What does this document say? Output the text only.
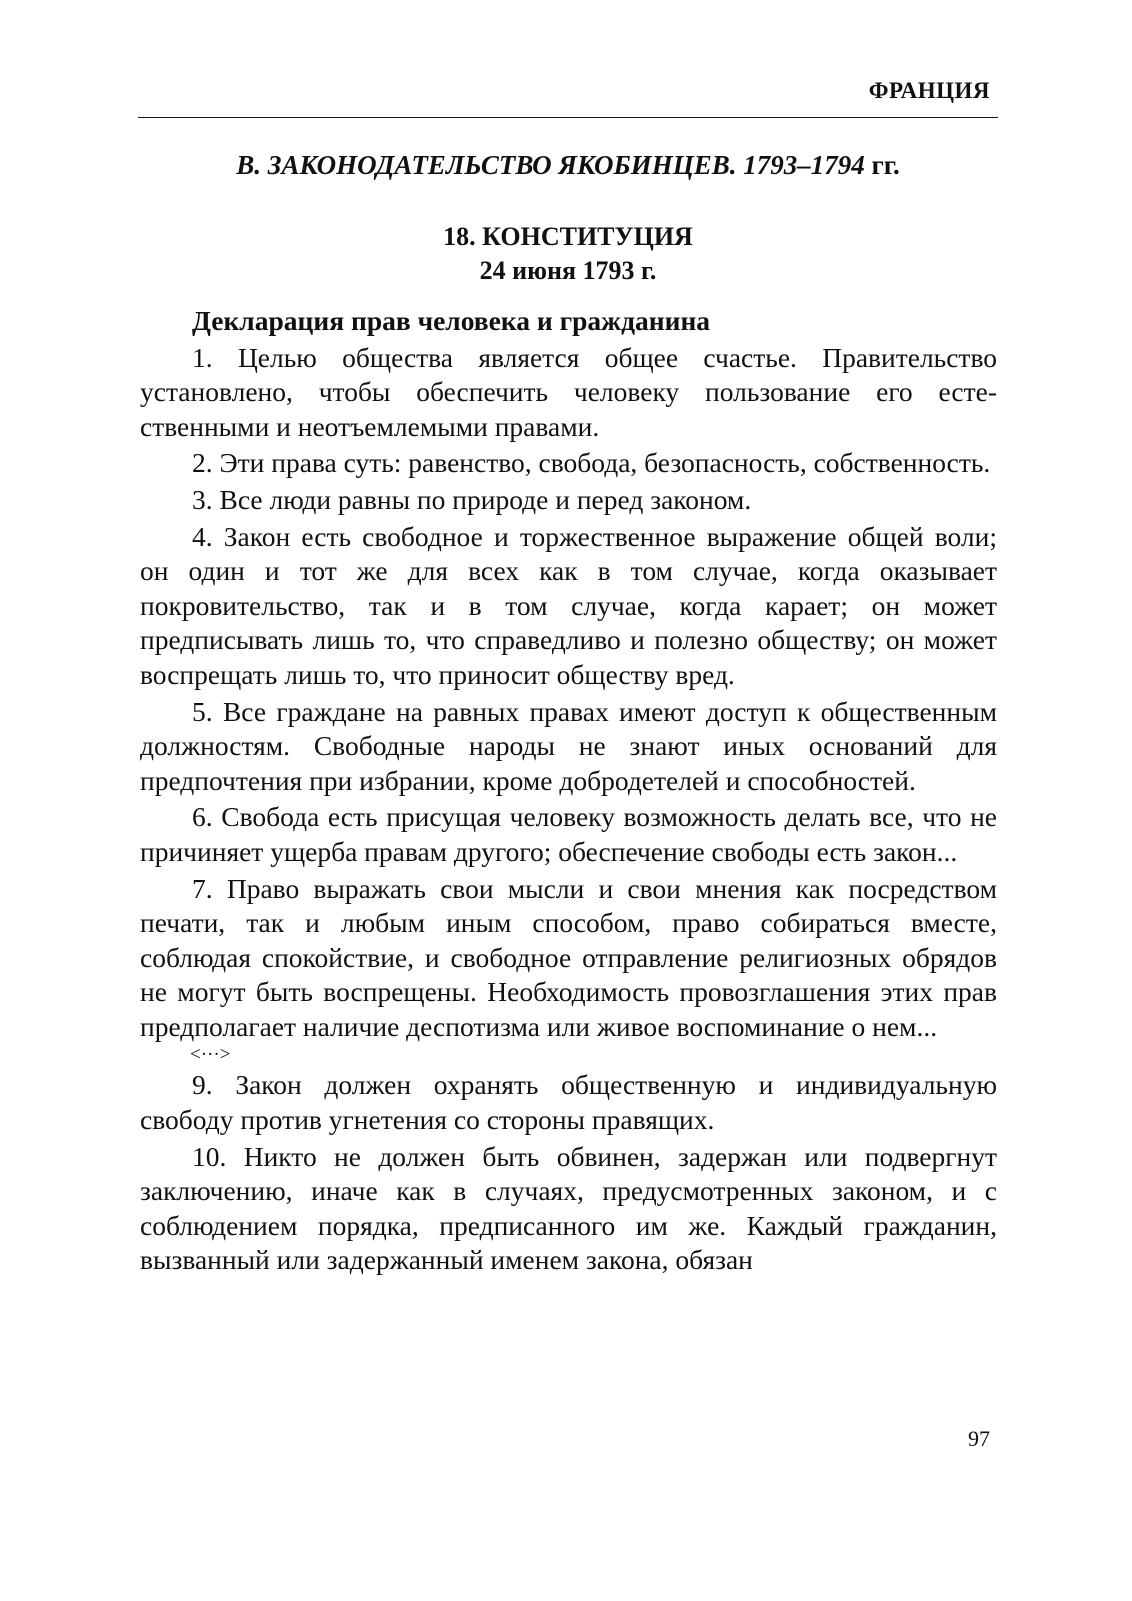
ФРАНЦИЯ
В. ЗАКОНОДАТЕЛЬСТВО ЯКОБИНЦЕВ. 1793–1794 гг.
18. КОНСТИТУЦИЯ
24 июня 1793 г.
Декларация прав человека и гражданина

1. Целью общества является общее счастье. Правительство установлено, чтобы обеспечить человеку пользование его естественными и неотъемлемыми правами.

2. Эти права суть: равенство, свобода, безопасность, собственность.

3. Все люди равны по природе и перед законом.

4. Закон есть свободное и торжественное выражение общей воли; он один и тот же для всех как в том случае, когда оказывает покровительство, так и в том случае, когда карает; он может предписывать лишь то, что справедливо и полезно обществу; он может воспрещать лишь то, что приносит обществу вред.

5. Все граждане на равных правах имеют доступ к общественным должностям. Свободные народы не знают иных оснований для предпочтения при избрании, кроме добродетелей и способностей.

6. Свобода есть присущая человеку возможность делать все, что не причиняет ущерба правам другого; обеспечение свободы есть закон...

7. Право выражать свои мысли и свои мнения как посредством печати, так и любым иным способом, право собираться вместе, соблюдая спокойствие, и свободное отправление религиозных обрядов не могут быть воспрещены. Необходимость провозглашения этих прав предполагает наличие деспотизма или живое воспоминание о нем...

<···>

9. Закон должен охранять общественную и индивидуальную свободу против угнетения со стороны правящих.

10. Никто не должен быть обвинен, задержан или подвергнут заключению, иначе как в случаях, предусмотренных законом, и с соблюдением порядка, предписанного им же. Каждый гражданин, вызванный или задержанный именем закона, обязан

97
